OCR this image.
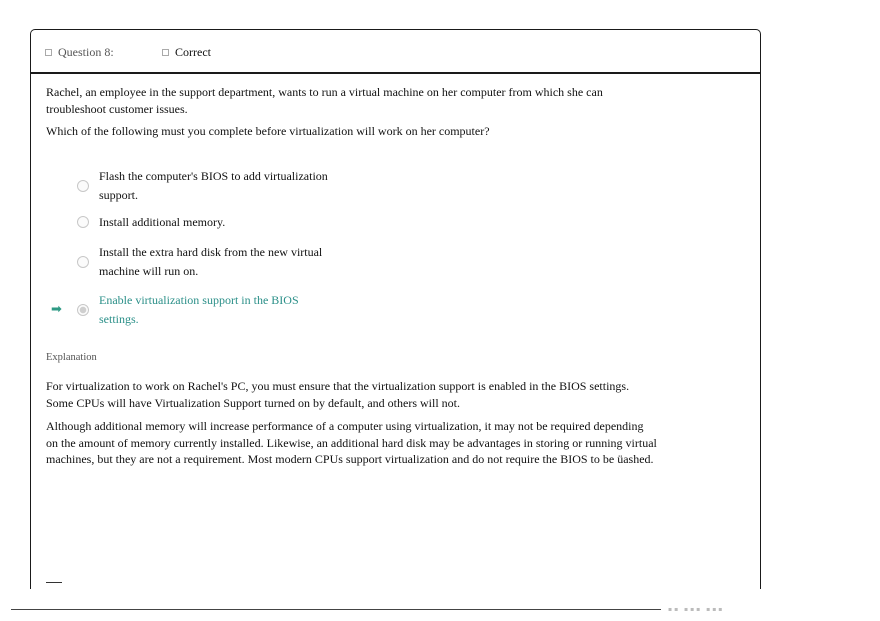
Question 8:	Correct

Rachel, an employee in the support department, wants to run a virtual machine on her computer from which she can troubleshoot customer issues.

Which of the following must you complete before virtualization will work on her computer?

Flash the computer's BIOS to add virtualization support.
Install additional memory.
Install the extra hard disk from the new virtual machine will run on.
➡
Enable virtualization support in the BIOS settings.
Explanation

For virtualization to work on Rachel's PC, you must ensure that the virtualization support is enabled in the BIOS settings. Some CPUs will have Virtualization Support turned on by default, and others will not.

Although additional memory will increase performance of a computer using virtualization, it may not be required depending on the amount of memory currently installed. Likewise, an additional hard disk may be advantages in storing or running virtual machines, but they are not a requirement. Most modern CPUs support virtualization and do not require the BIOS to be üashed.

▪▪ ▪▪▪ ▪▪▪
